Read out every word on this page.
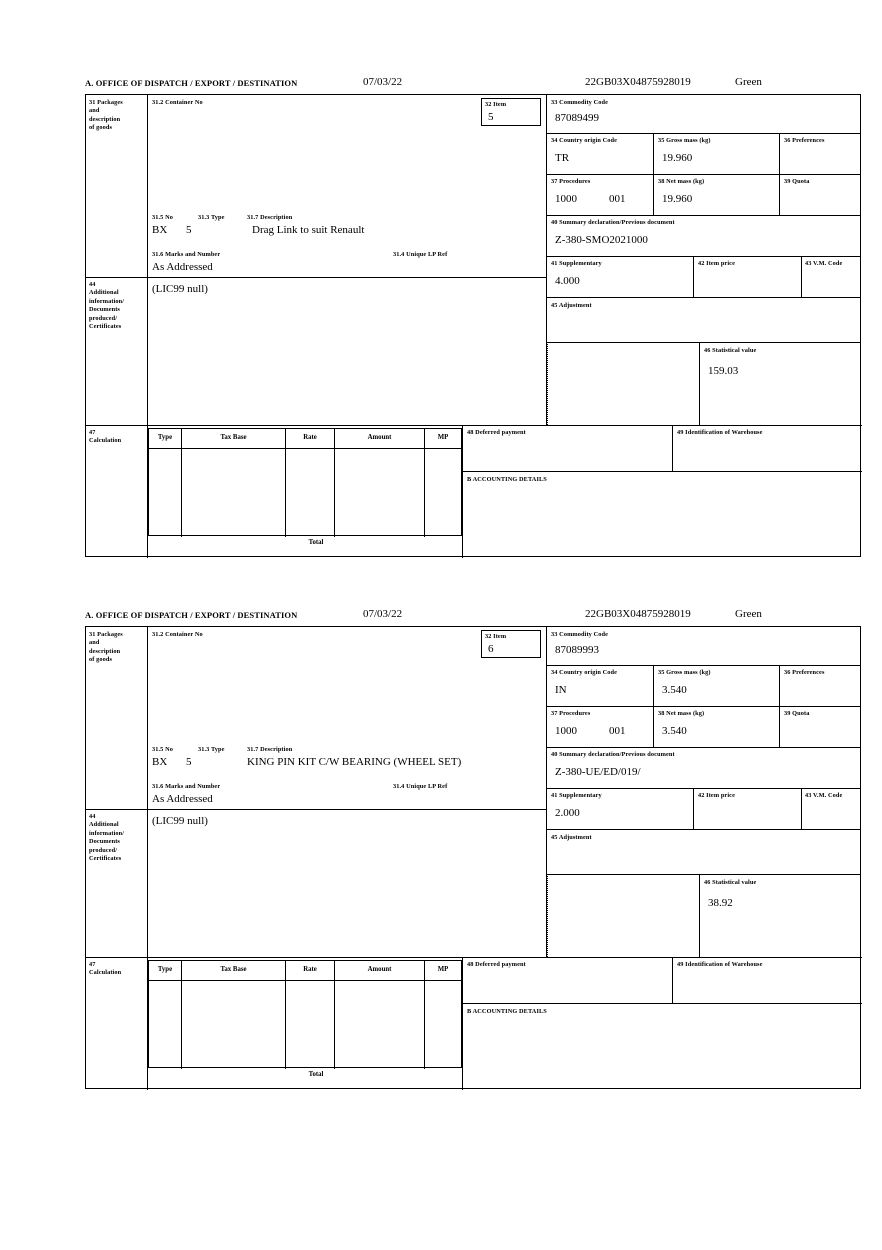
A. OFFICE OF DISPATCH / EXPORT / DESTINATION	07/03/22	22GB03X04875928019	Green
31 Packages
and
description
of goods
31.2 Container No	32 Item
5
33 Commodity Code
87089499
34 Country origin Code
TR
35 Gross mass (kg)
19.960
36 Preferences
37 Procedures
1000	001
38 Net mass (kg)
19.960
39 Quota
40 Summary declaration/Previous document
Z-380-SMO2021000
41 Supplementary
4.000
42 Item price	43 V.M. Code
45 Adjustment
46 Statistical value
159.03
31.5 No	31.3 Type	31.7 Description
BX 5	Drag Link to suit Renault
31.6 Marks and Number	31.4 Unique LP Ref
As Addressed
44
Additional
information/
Documents
produced/
Certificates
(LIC99 null)
47
Calculation	Type	Tax Base	Rate	Amount	MP
Total
48 Deferred payment	49 Identification of Warehouse
B ACCOUNTING DETAILS
A. OFFICE OF DISPATCH / EXPORT / DESTINATION	07/03/22	22GB03X04875928019	Green
31 Packages
and
description
of goods
31.2 Container No	32 Item
6
33 Commodity Code
87089993
34 Country origin Code
IN
35 Gross mass (kg)
3.540
36 Preferences
37 Procedures
1000	001
38 Net mass (kg)
3.540
39 Quota
40 Summary declaration/Previous document
Z-380-UE/ED/019/
41 Supplementary
2.000
42 Item price	43 V.M. Code
45 Adjustment
46 Statistical value
38.92
31.5 No	31.3 Type	31.7 Description
BX 5	KING PIN KIT C/W BEARING (WHEEL SET)
31.6 Marks and Number	31.4 Unique LP Ref
As Addressed
44
Additional
information/
Documents
produced/
Certificates
(LIC99 null)
47
Calculation	Type	Tax Base	Rate	Amount	MP
Total
48 Deferred payment	49 Identification of Warehouse
B ACCOUNTING DETAILS
